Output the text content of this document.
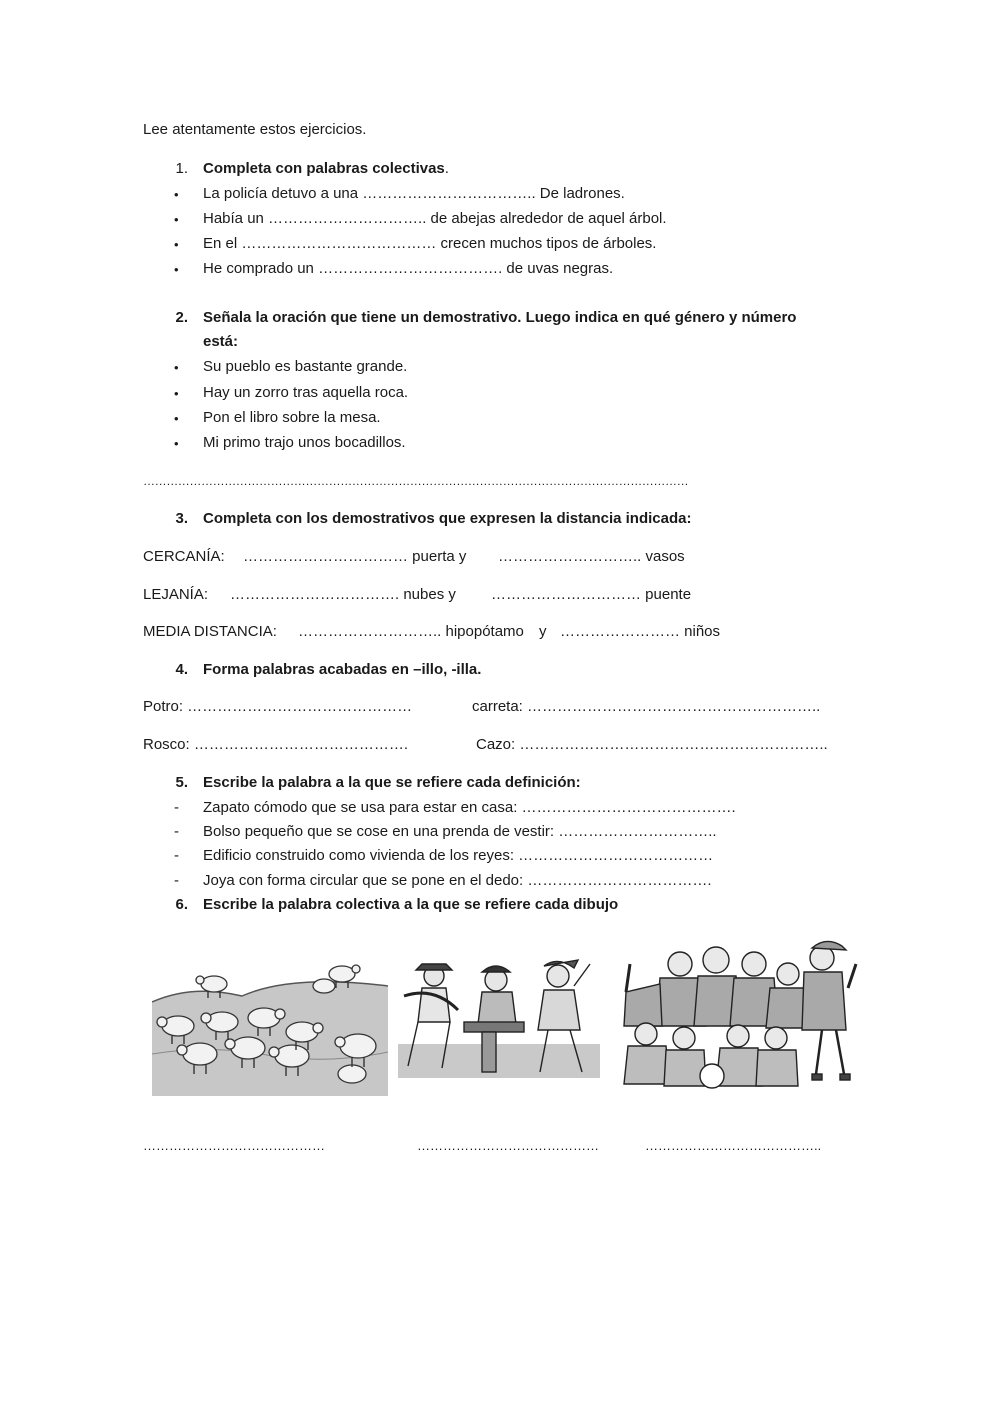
Lee atentamente estos ejercicios.
1. Completa con palabras colectivas.
• La policía detuvo a una …………………………….. De ladrones.
• Había un ………………………….. de abejas alrededor de aquel árbol.
• En el ………………………………… crecen muchos tipos de árboles.
• He comprado un ………………………………. de uvas negras.
2. Señala la oración que tiene un demostrativo. Luego indica en qué género y número
está:
• Su pueblo es bastante grande.
• Hay un zorro tras aquella roca.
• Pon el libro sobre la mesa.
• Mi primo trajo unos bocadillos.
……………………………………………………………………………………………………………………………
3. Completa con los demostrativos que expresen la distancia indicada:
CERCANÍA: …………………………… puerta y ……………………….. vasos
LEJANÍA: ……………………………. nubes y ………………………… puente
MEDIA DISTANCIA: ……………………….. hipopótamo y …………………… niños
4. Forma palabras acabadas en –illo, -illa.
Potro: ………………………………………	carreta: …………………………………………………..
Rosco: …………………………………….	Cazo: ……………………………………………………..
5. Escribe la palabra a la que se refiere cada definición:
- Zapato cómodo que se usa para estar en casa: …………………………………….
- Bolso pequeño que se cose en una prenda de vestir: …………………………..
- Edificio construido como vivienda de los reyes: …………………………………
- Joya con forma circular que se pone en el dedo: ……………………………….
6. Escribe la palabra colectiva a la que se refiere cada dibujo
……………………………………	……………………………………	…………………………………..
